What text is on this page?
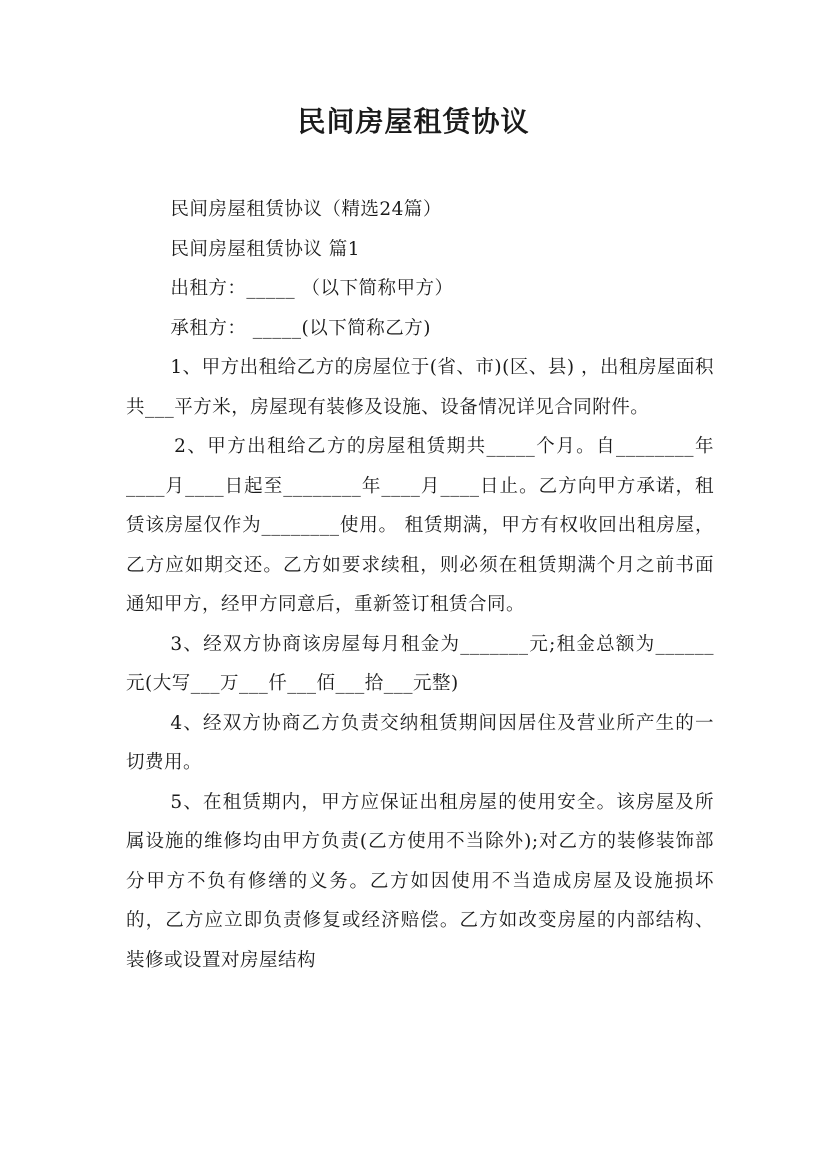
民间房屋租赁协议

民间房屋租赁协议（精选24篇）

民间房屋租赁协议 篇1

出租方：_____ （以下简称甲方）

承租方： _____(以下简称乙方)

1、甲方出租给乙方的房屋位于(省、市)(区、县) ，出租房屋面积共___平方米，房屋现有装修及设施、设备情况详见合同附件。

2、甲方出租给乙方的房屋租赁期共_____个月。自________年____月____日起至________年____月____日止。乙方向甲方承诺，租赁该房屋仅作为________使用。 租赁期满，甲方有权收回出租房屋，乙方应如期交还。乙方如要求续租，则必须在租赁期满个月之前书面通知甲方，经甲方同意后，重新签订租赁合同。

3、经双方协商该房屋每月租金为_______元;租金总额为______元(大写___万___仟___佰___拾___元整)

4、经双方协商乙方负责交纳租赁期间因居住及营业所产生的一切费用。

5、在租赁期内，甲方应保证出租房屋的使用安全。该房屋及所属设施的维修均由甲方负责(乙方使用不当除外);对乙方的装修装饰部分甲方不负有修缮的义务。乙方如因使用不当造成房屋及设施损坏的，乙方应立即负责修复或经济赔偿。乙方如改变房屋的内部结构、装修或设置对房屋结构
